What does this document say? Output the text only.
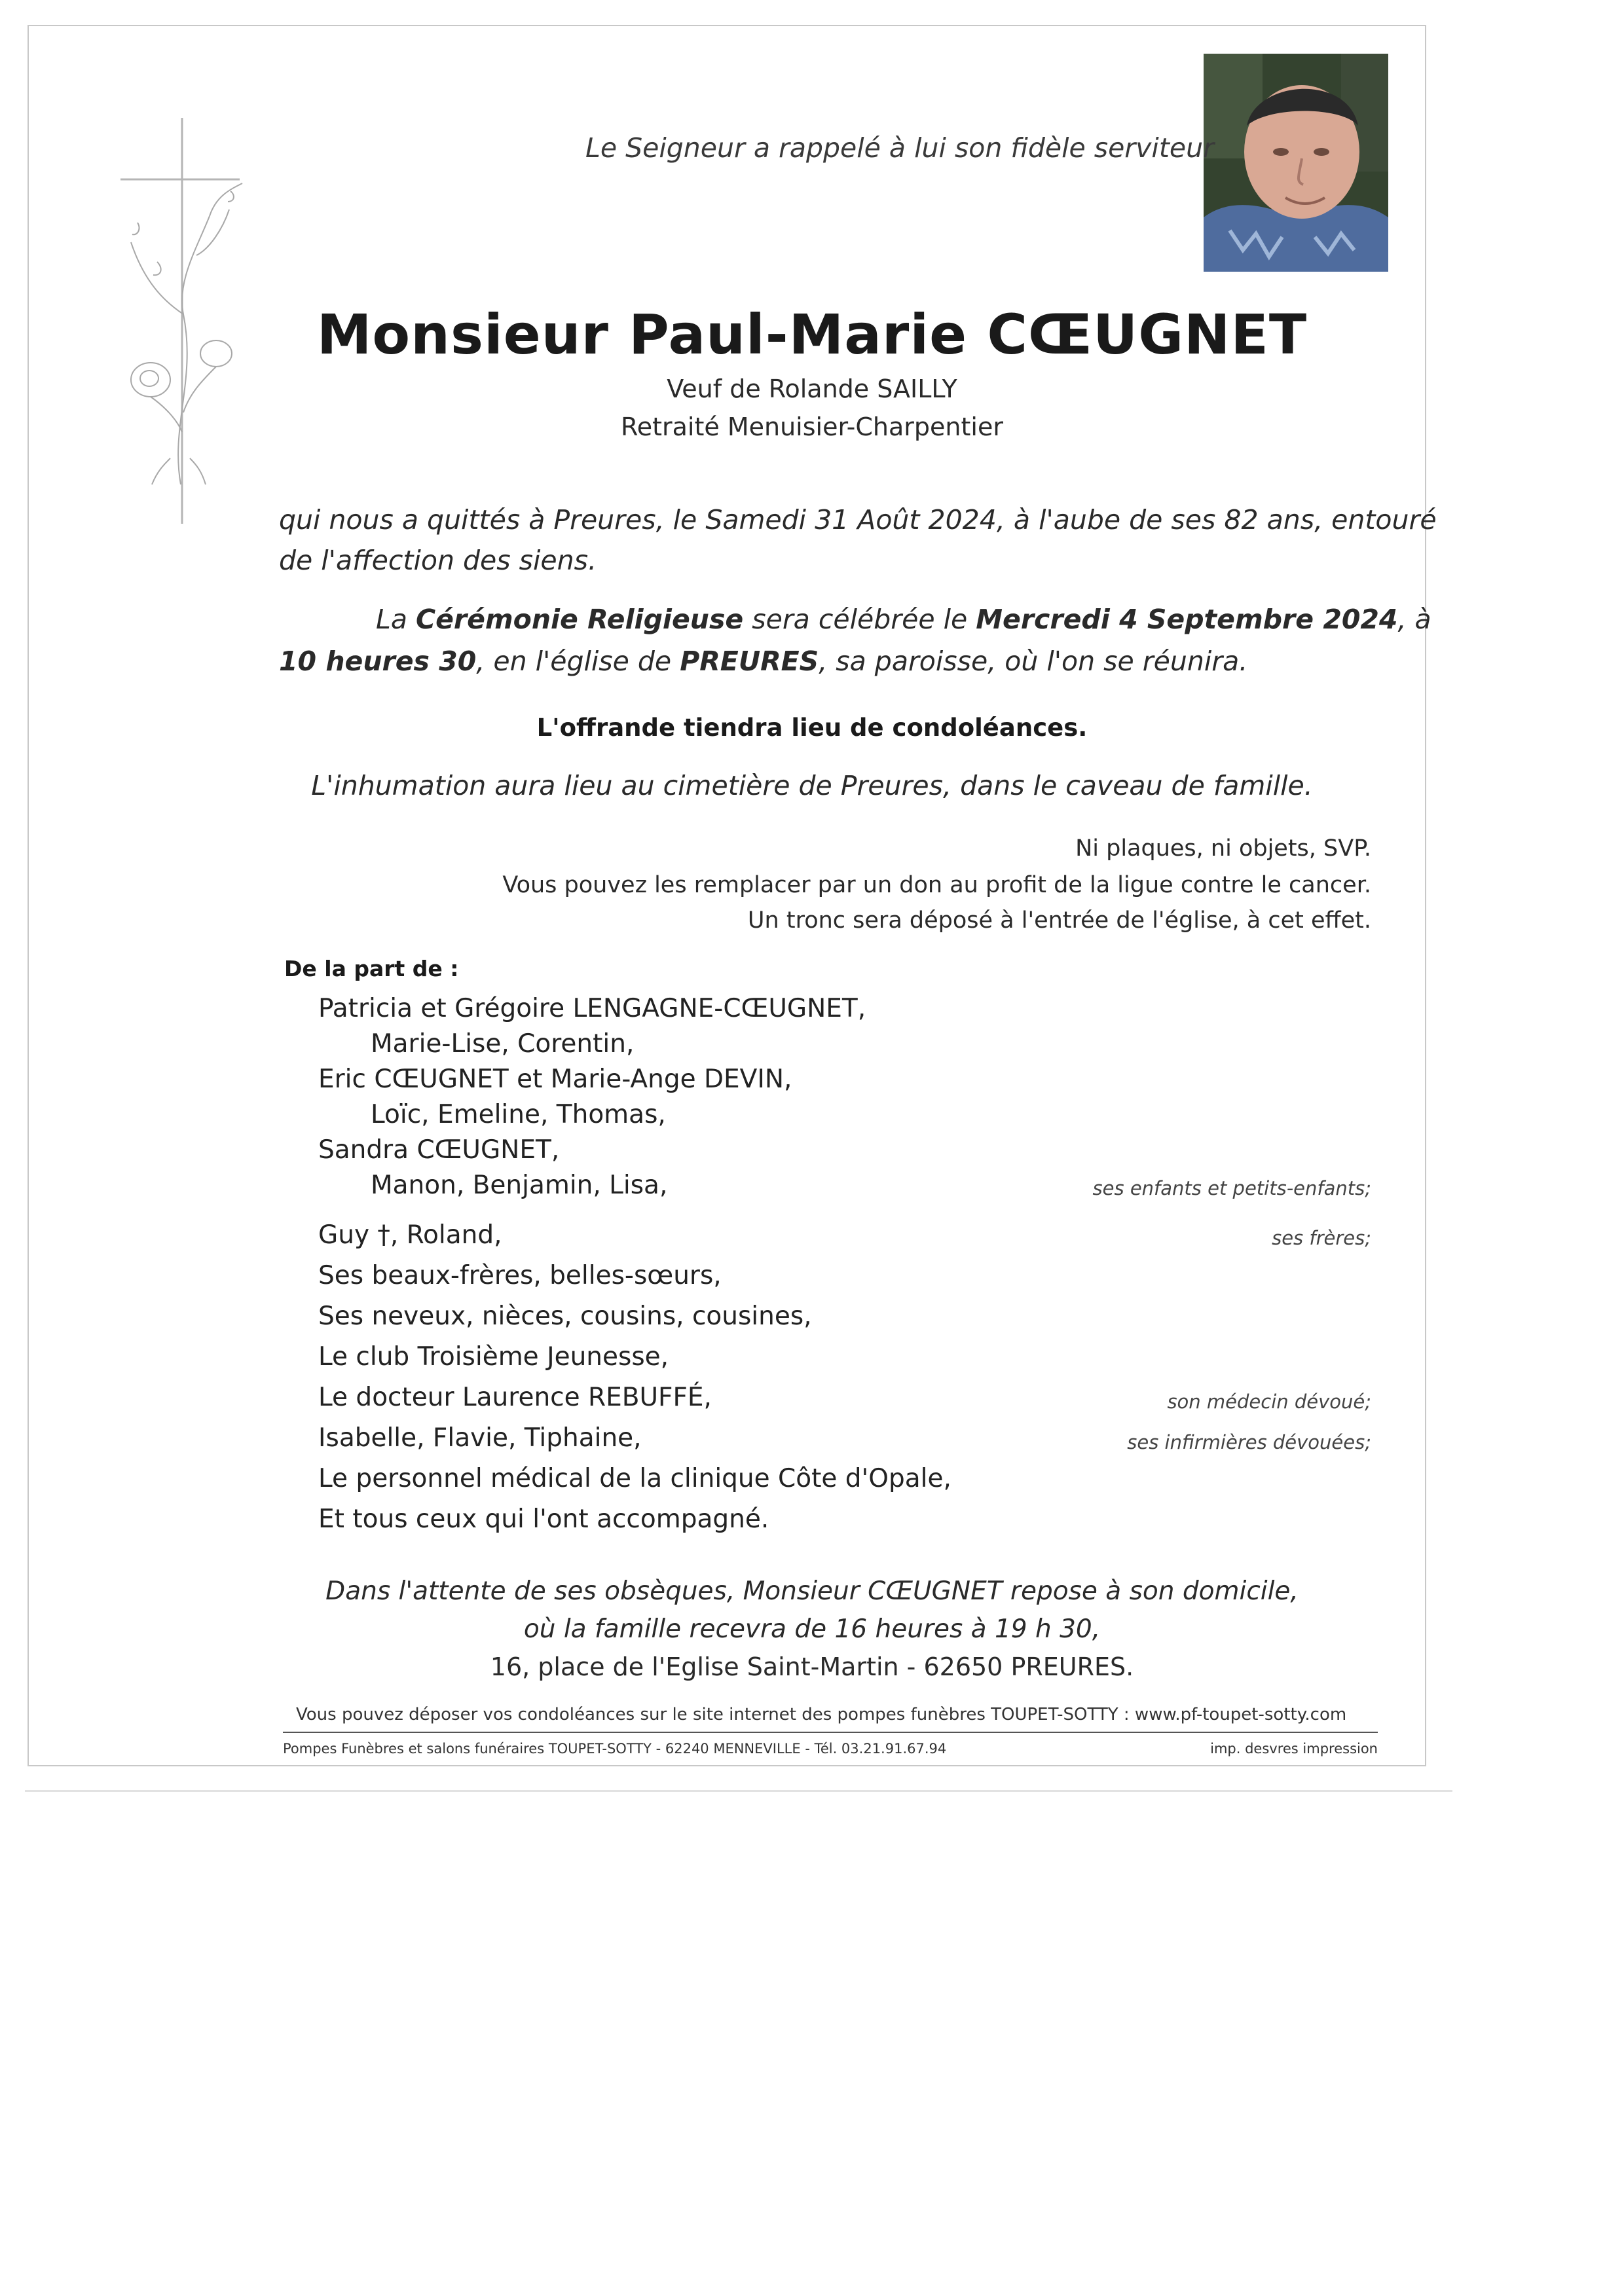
Le Seigneur a rappelé à lui son fidèle serviteur
Monsieur Paul-Marie CŒUGNET
Veuf de Rolande SAILLY
Retraité Menuisier-Charpentier
qui nous a quittés à Preures, le Samedi 31 Août 2024, à l'aube de ses 82 ans, entouré
de l'affection des siens.
La Cérémonie Religieuse sera célébrée le Mercredi 4 Septembre 2024, à
10 heures 30, en l'église de PREURES, sa paroisse, où l'on se réunira.
L'offrande tiendra lieu de condoléances.
L'inhumation aura lieu au cimetière de Preures, dans le caveau de famille.
Ni plaques, ni objets, SVP.
Vous pouvez les remplacer par un don au profit de la ligue contre le cancer.
Un tronc sera déposé à l'entrée de l'église, à cet effet.
De la part de :
Patricia et Grégoire LENGAGNE-CŒUGNET,
Marie-Lise, Corentin,
Eric CŒUGNET et Marie-Ange DEVIN,
Loïc, Emeline, Thomas,
Sandra CŒUGNET,
Manon, Benjamin, Lisa,	ses enfants et petits-enfants;
Guy †, Roland,	ses frères;
Ses beaux-frères, belles-sœurs,
Ses neveux, nièces, cousins, cousines,
Le club Troisième Jeunesse,
Le docteur Laurence REBUFFÉ,	son médecin dévoué;
Isabelle, Flavie, Tiphaine,	ses infirmières dévouées;
Le personnel médical de la clinique Côte d'Opale,
Et tous ceux qui l'ont accompagné.
Dans l'attente de ses obsèques, Monsieur CŒUGNET repose à son domicile,
où la famille recevra de 16 heures à 19 h 30,
16, place de l'Eglise Saint-Martin - 62650 PREURES.
Vous pouvez déposer vos condoléances sur le site internet des pompes funèbres TOUPET-SOTTY : www.pf-toupet-sotty.com
Pompes Funèbres et salons funéraires TOUPET-SOTTY - 62240 MENNEVILLE - Tél. 03.21.91.67.94	imp. desvres impression
